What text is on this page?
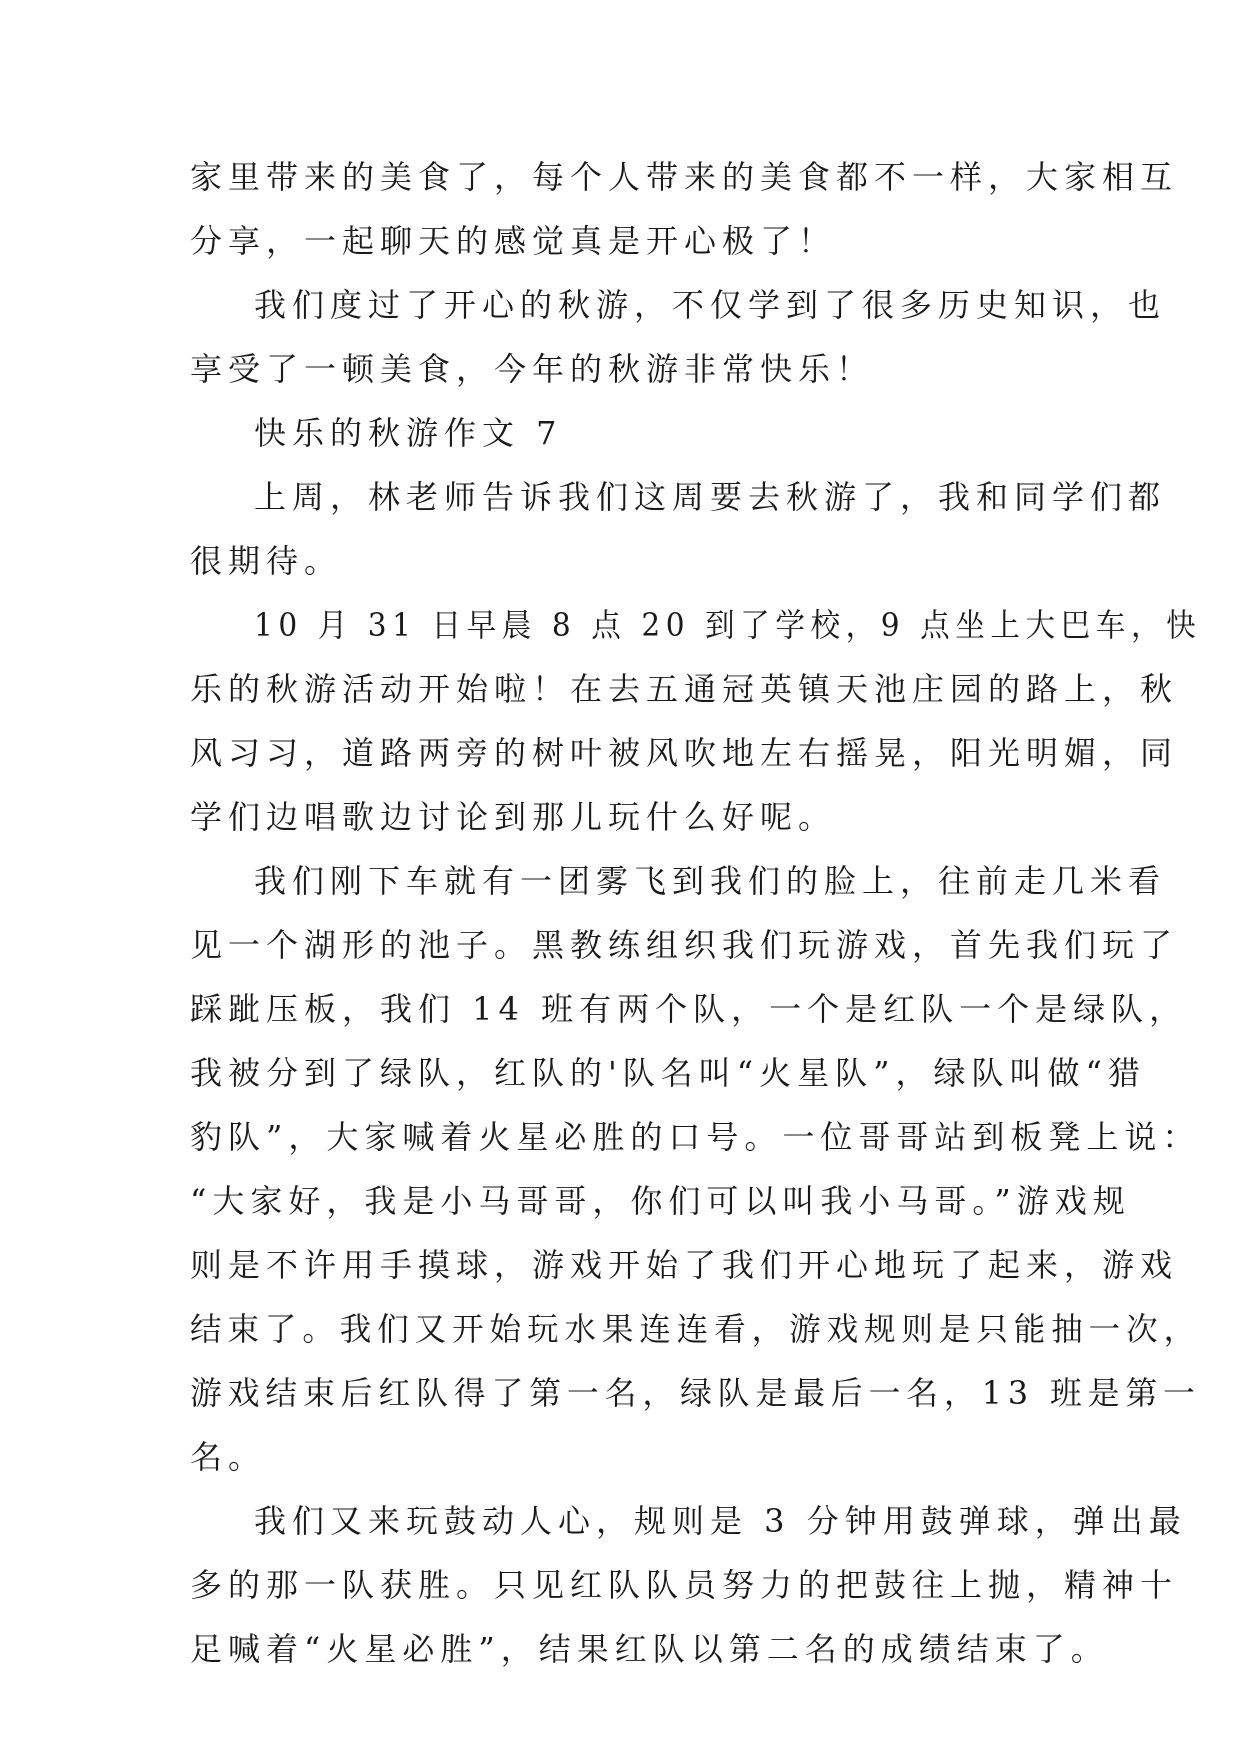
家里带来的美食了，每个人带来的美食都不一样，大家相互
分享，一起聊天的感觉真是开心极了！
我们度过了开心的秋游，不仅学到了很多历史知识，也
享受了一顿美食，今年的秋游非常快乐！
快乐的秋游作文 7
上周，林老师告诉我们这周要去秋游了，我和同学们都
很期待。
10 月 31 日早晨 8 点 20 到了学校，9 点坐上大巴车，快
乐的秋游活动开始啦！在去五通冠英镇天池庄园的路上，秋
风习习，道路两旁的树叶被风吹地左右摇晃，阳光明媚，同
学们边唱歌边讨论到那儿玩什么好呢。
我们刚下车就有一团雾飞到我们的脸上，往前走几米看
见一个湖形的池子。黑教练组织我们玩游戏，首先我们玩了
踩跐压板，我们 14 班有两个队，一个是红队一个是绿队，
我被分到了绿队，红队的'队名叫“火星队”，绿队叫做“猎
豹队”，大家喊着火星必胜的口号。一位哥哥站到板凳上说：
“大家好，我是小马哥哥，你们可以叫我小马哥。”游戏规
则是不许用手摸球，游戏开始了我们开心地玩了起来，游戏
结束了。我们又开始玩水果连连看，游戏规则是只能抽一次，
游戏结束后红队得了第一名，绿队是最后一名，13 班是第一
名。
我们又来玩鼓动人心，规则是 3 分钟用鼓弹球，弹出最
多的那一队获胜。只见红队队员努力的把鼓往上抛，精神十
足喊着“火星必胜”，结果红队以第二名的成绩结束了。
